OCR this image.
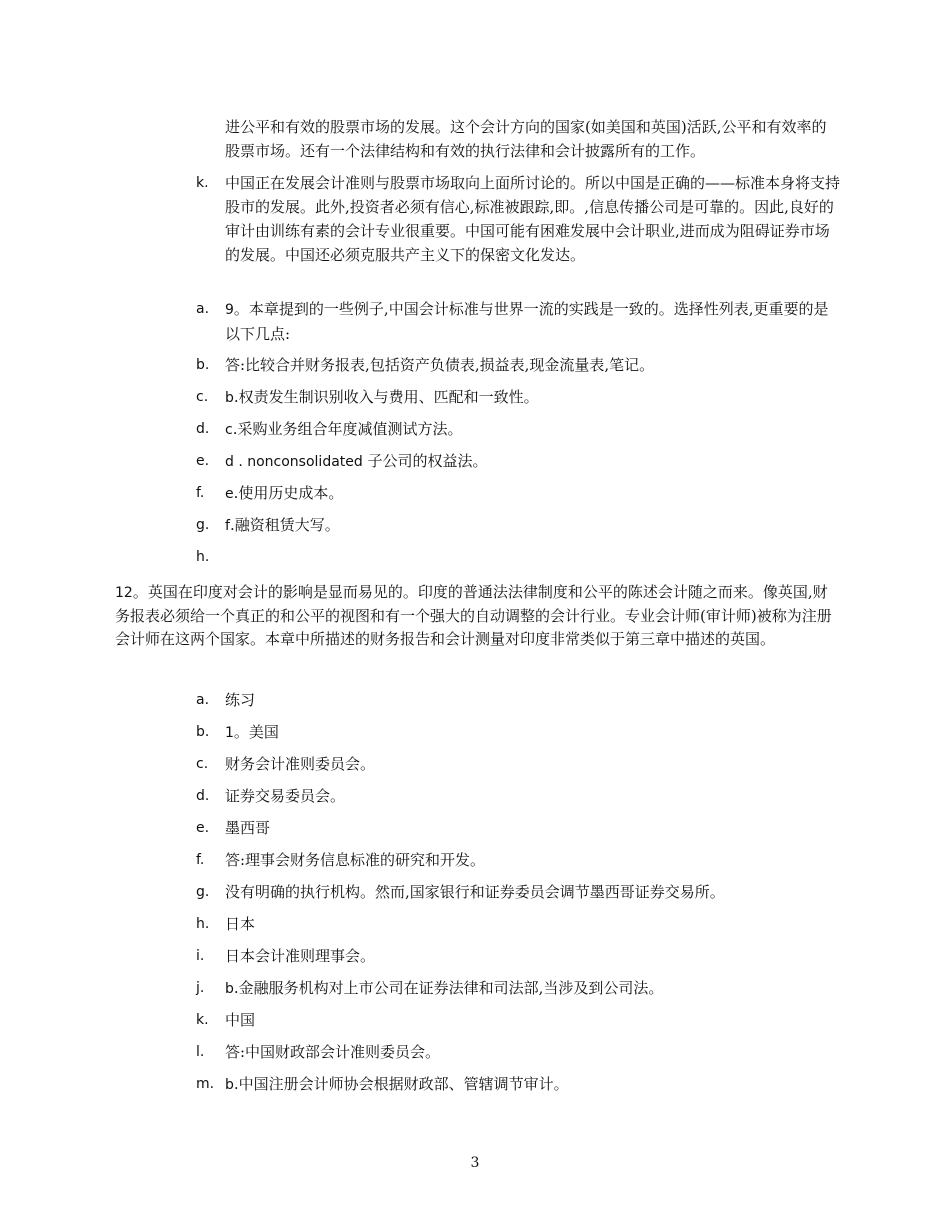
进公平和有效的股票市场的发展。这个会计方向的国家(如美国和英国)活跃,公平和有效率的股票市场。还有一个法律结构和有效的执行法律和会计披露所有的工作。
k. 中国正在发展会计准则与股票市场取向上面所讨论的。所以中国是正确的——标准本身将支持股市的发展。此外,投资者必须有信心,标准被跟踪,即。,信息传播公司是可靠的。因此,良好的审计由训练有素的会计专业很重要。中国可能有困难发展中会计职业,进而成为阻碍证券市场的发展。中国还必须克服共产主义下的保密文化发达。
a. 9。本章提到的一些例子,中国会计标准与世界一流的实践是一致的。选择性列表,更重要的是以下几点:
b. 答:比较合并财务报表,包括资产负债表,损益表,现金流量表,笔记。
c. b.权责发生制识别收入与费用、匹配和一致性。
d. c.采购业务组合年度减值测试方法。
e. d . nonconsolidated 子公司的权益法。
f. e.使用历史成本。
g. f.融资租赁大写。
h.
12。英国在印度对会计的影响是显而易见的。印度的普通法法律制度和公平的陈述会计随之而来。像英国,财务报表必须给一个真正的和公平的视图和有一个强大的自动调整的会计行业。专业会计师(审计师)被称为注册会计师在这两个国家。本章中所描述的财务报告和会计测量对印度非常类似于第三章中描述的英国。
a. 练习
b. 1。美国
c. 财务会计准则委员会。
d. 证券交易委员会。
e. 墨西哥
f. 答:理事会财务信息标准的研究和开发。
g. 没有明确的执行机构。然而,国家银行和证券委员会调节墨西哥证券交易所。
h. 日本
i. 日本会计准则理事会。
j. b.金融服务机构对上市公司在证券法律和司法部,当涉及到公司法。
k. 中国
l. 答:中国财政部会计准则委员会。
m. b.中国注册会计师协会根据财政部、管辖调节审计。
3
